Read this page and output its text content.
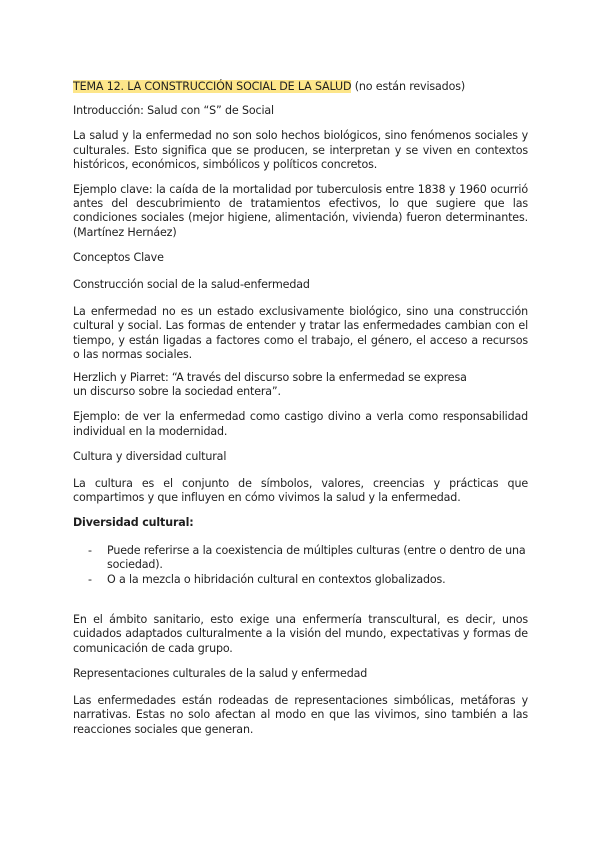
TEMA 12. LA CONSTRUCCIÓN SOCIAL DE LA SALUD (no están revisados)

Introducción: Salud con “S” de Social

La salud y la enfermedad no son solo hechos biológicos, sino fenómenos sociales y culturales. Esto significa que se producen, se interpretan y se viven en contextos históricos, económicos, simbólicos y políticos concretos.

Ejemplo clave: la caída de la mortalidad por tuberculosis entre 1838 y 1960 ocurrió antes del descubrimiento de tratamientos efectivos, lo que sugiere que las condiciones sociales (mejor higiene, alimentación, vivienda) fueron determinantes. (Martínez Hernáez)

Conceptos Clave

Construcción social de la salud-enfermedad

La enfermedad no es un estado exclusivamente biológico, sino una construcción cultural y social. Las formas de entender y tratar las enfermedades cambian con el tiempo, y están ligadas a factores como el trabajo, el género, el acceso a recursos o las normas sociales.

Herzlich y Piarret: “A través del discurso sobre la enfermedad se expresa

un discurso sobre la sociedad entera”.

Ejemplo: de ver la enfermedad como castigo divino a verla como responsabilidad individual en la modernidad.

Cultura y diversidad cultural

La cultura es el conjunto de símbolos, valores, creencias y prácticas que compartimos y que influyen en cómo vivimos la salud y la enfermedad.

Diversidad cultural:

- Puede referirse a la coexistencia de múltiples culturas (entre o dentro de una sociedad).
- O a la mezcla o hibridación cultural en contextos globalizados.

En el ámbito sanitario, esto exige una enfermería transcultural, es decir, unos cuidados adaptados culturalmente a la visión del mundo, expectativas y formas de comunicación de cada grupo.

Representaciones culturales de la salud y enfermedad

Las enfermedades están rodeadas de representaciones simbólicas, metáforas y narrativas. Estas no solo afectan al modo en que las vivimos, sino también a las reacciones sociales que generan.
